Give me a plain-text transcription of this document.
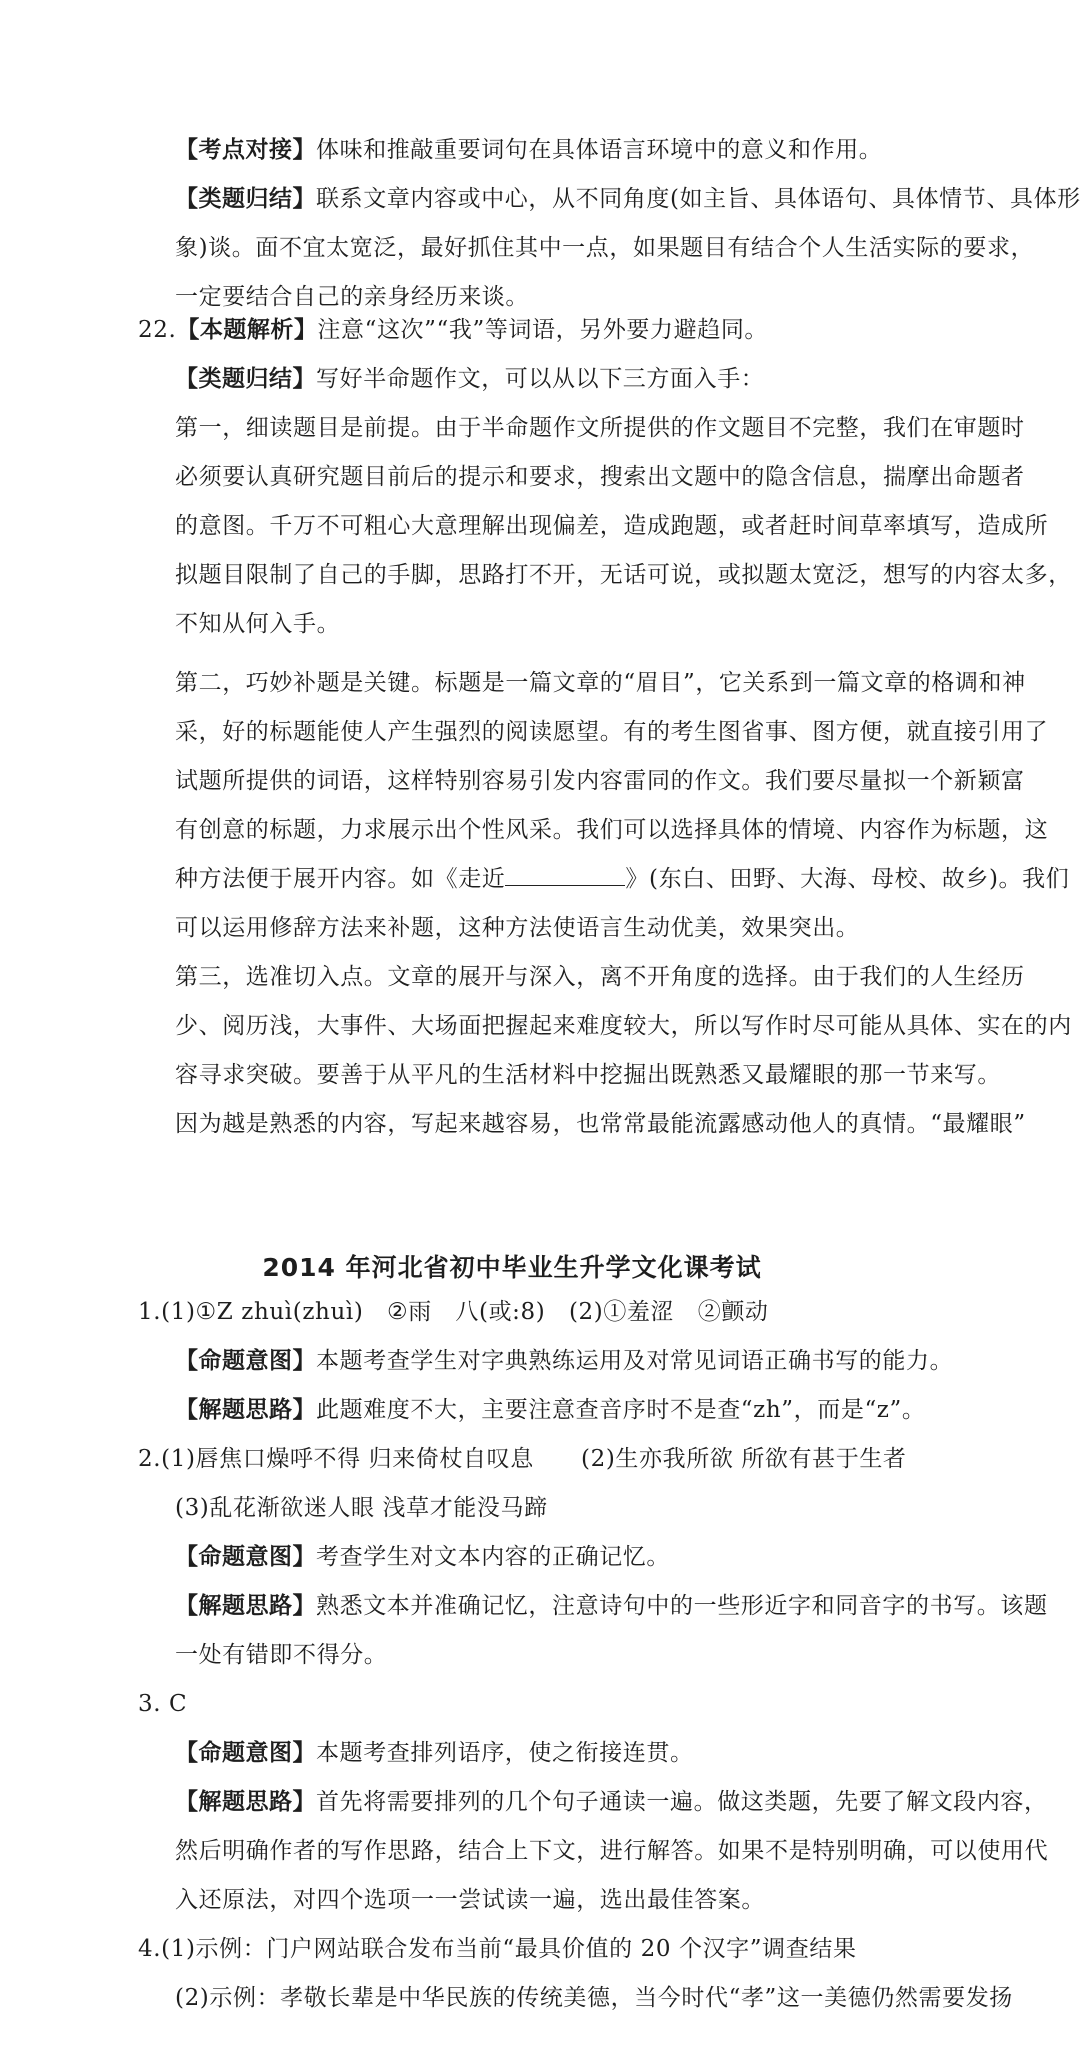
【考点对接】体味和推敲重要词句在具体语言环境中的意义和作用。
【类题归结】联系文章内容或中心，从不同角度(如主旨、具体语句、具体情节、具体形
象)谈。面不宜太宽泛，最好抓住其中一点，如果题目有结合个人生活实际的要求，
一定要结合自己的亲身经历来谈。
22.【本题解析】注意“这次”“我”等词语，另外要力避趋同。
【类题归结】写好半命题作文，可以从以下三方面入手：
第一，细读题目是前提。由于半命题作文所提供的作文题目不完整，我们在审题时
必须要认真研究题目前后的提示和要求，搜索出文题中的隐含信息，揣摩出命题者
的意图。千万不可粗心大意理解出现偏差，造成跑题，或者赶时间草率填写，造成所
拟题目限制了自己的手脚，思路打不开，无话可说，或拟题太宽泛，想写的内容太多，
不知从何入手。
第二，巧妙补题是关键。标题是一篇文章的“眉目”，它关系到一篇文章的格调和神
采，好的标题能使人产生强烈的阅读愿望。有的考生图省事、图方便，就直接引用了
试题所提供的词语，这样特别容易引发内容雷同的作文。我们要尽量拟一个新颖富
有创意的标题，力求展示出个性风采。我们可以选择具体的情境、内容作为标题，这
种方法便于展开内容。如《走近	》(东白、田野、大海、母校、故乡)。我们
可以运用修辞方法来补题，这种方法使语言生动优美，效果突出。
第三，选准切入点。文章的展开与深入，离不开角度的选择。由于我们的人生经历
少、阅历浅，大事件、大场面把握起来难度较大，所以写作时尽可能从具体、实在的内
容寻求突破。要善于从平凡的生活材料中挖掘出既熟悉又最耀眼的那一节来写。
因为越是熟悉的内容，写起来越容易，也常常最能流露感动他人的真情。“最耀眼”
2014 年河北省初中毕业生升学文化课考试
1.(1)①Z zhuì(zhuì)　②雨　八(或:8)　(2)①羞涩　②颤动
【命题意图】本题考查学生对字典熟练运用及对常见词语正确书写的能力。
【解题思路】此题难度不大，主要注意查音序时不是查“zh”，而是“z”。
2.(1)唇焦口燥呼不得 归来倚杖自叹息　　(2)生亦我所欲 所欲有甚于生者
(3)乱花渐欲迷人眼 浅草才能没马蹄
【命题意图】考查学生对文本内容的正确记忆。
【解题思路】熟悉文本并准确记忆，注意诗句中的一些形近字和同音字的书写。该题
一处有错即不得分。
3. C
【命题意图】本题考查排列语序，使之衔接连贯。
【解题思路】首先将需要排列的几个句子通读一遍。做这类题，先要了解文段内容，
然后明确作者的写作思路，结合上下文，进行解答。如果不是特别明确，可以使用代
入还原法，对四个选项一一尝试读一遍，选出最佳答案。
4.(1)示例：门户网站联合发布当前“最具价值的 20 个汉字”调查结果
(2)示例：孝敬长辈是中华民族的传统美德，当今时代“孝”这一美德仍然需要发扬
